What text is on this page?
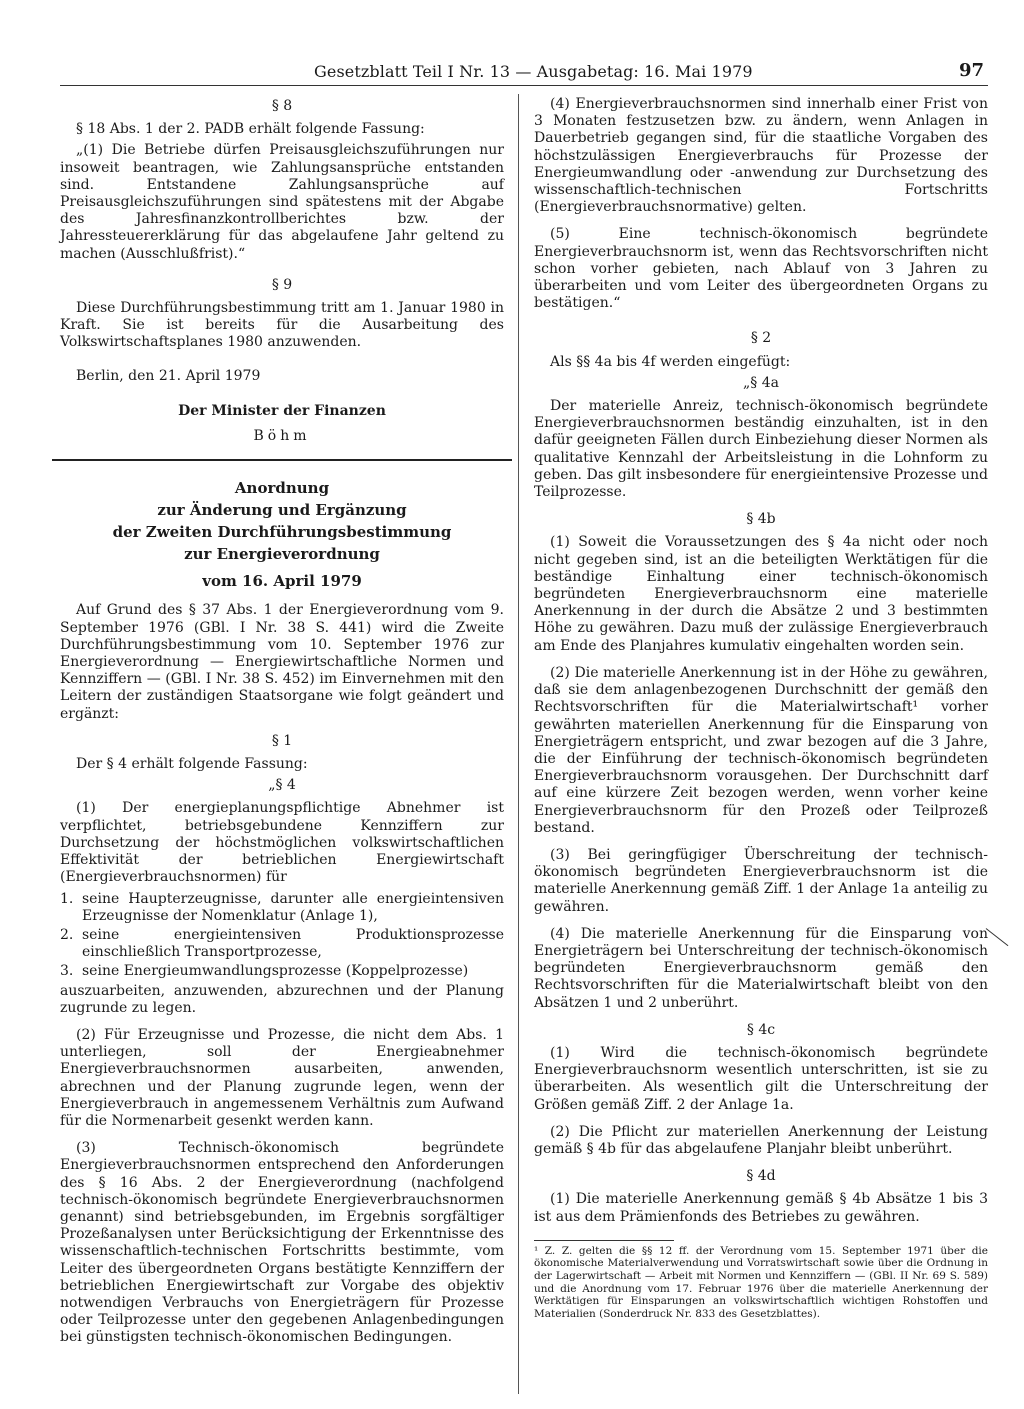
Gesetzblatt Teil I Nr. 13 — Ausgabetag: 16. Mai 1979	97
§ 8

§ 18 Abs. 1 der 2. PADB erhält folgende Fassung:

„(1) Die Betriebe dürfen Preisausgleichszuführungen nur insoweit beantragen, wie Zahlungsansprüche entstanden sind. Entstandene Zahlungsansprüche auf Preisausgleichszuführungen sind spätestens mit der Abgabe des Jahresfinanzkontrollberichtes bzw. der Jahressteuererklärung für das abgelaufene Jahr geltend zu machen (Ausschlußfrist).“

§ 9

Diese Durchführungsbestimmung tritt am 1. Januar 1980 in Kraft. Sie ist bereits für die Ausarbeitung des Volkswirtschaftsplanes 1980 anzuwenden.

Berlin, den 21. April 1979

Der Minister der Finanzen
Böhm
Anordnung
zur Änderung und Ergänzung
der Zweiten Durchführungsbestimmung
zur Energieverordnung
vom 16. April 1979

Auf Grund des § 37 Abs. 1 der Energieverordnung vom 9. September 1976 (GBl. I Nr. 38 S. 441) wird die Zweite Durchführungsbestimmung vom 10. September 1976 zur Energieverordnung — Energiewirtschaftliche Normen und Kennziffern — (GBl. I Nr. 38 S. 452) im Einvernehmen mit den Leitern der zuständigen Staatsorgane wie folgt geändert und ergänzt:

§ 1

Der § 4 erhält folgende Fassung:

„§ 4

(1) Der energieplanungspflichtige Abnehmer ist verpflichtet, betriebsgebundene Kennziffern zur Durchsetzung der höchstmöglichen volkswirtschaftlichen Effektivität der betrieblichen Energiewirtschaft (Energieverbrauchsnormen) für

1. seine Haupterzeugnisse, darunter alle energieintensiven Erzeugnisse der Nomenklatur (Anlage 1),
2. seine energieintensiven Produktionsprozesse einschließlich Transportprozesse,
3. seine Energieumwandlungsprozesse (Koppelprozesse)

auszuarbeiten, anzuwenden, abzurechnen und der Planung zugrunde zu legen.

(2) Für Erzeugnisse und Prozesse, die nicht dem Abs. 1 unterliegen, soll der Energieabnehmer Energieverbrauchsnormen ausarbeiten, anwenden, abrechnen und der Planung zugrunde legen, wenn der Energieverbrauch in angemessenem Verhältnis zum Aufwand für die Normenarbeit gesenkt werden kann.

(3) Technisch-ökonomisch begründete Energieverbrauchsnormen entsprechend den Anforderungen des § 16 Abs. 2 der Energieverordnung (nachfolgend technisch-ökonomisch begründete Energieverbrauchsnormen genannt) sind betriebsgebunden, im Ergebnis sorgfältiger Prozeßanalysen unter Berücksichtigung der Erkenntnisse des wissenschaftlich-technischen Fortschritts bestimmte, vom Leiter des übergeordneten Organs bestätigte Kennziffern der betrieblichen Energiewirtschaft zur Vorgabe des objektiv notwendigen Verbrauchs von Energieträgern für Prozesse oder Teilprozesse unter den gegebenen Anlagenbedingungen bei günstigsten technisch-ökonomischen Bedingungen.

(4) Energieverbrauchsnormen sind innerhalb einer Frist von 3 Monaten festzusetzen bzw. zu ändern, wenn Anlagen in Dauerbetrieb gegangen sind, für die staatliche Vorgaben des höchstzulässigen Energieverbrauchs für Prozesse der Energieumwandlung oder -anwendung zur Durchsetzung des wissenschaftlich-technischen Fortschritts (Energieverbrauchsnormative) gelten.

(5) Eine technisch-ökonomisch begründete Energieverbrauchsnorm ist, wenn das Rechtsvorschriften nicht schon vorher gebieten, nach Ablauf von 3 Jahren zu überarbeiten und vom Leiter des übergeordneten Organs zu bestätigen.“

§ 2

Als §§ 4a bis 4f werden eingefügt:

„§ 4a

Der materielle Anreiz, technisch-ökonomisch begründete Energieverbrauchsnormen beständig einzuhalten, ist in den dafür geeigneten Fällen durch Einbeziehung dieser Normen als qualitative Kennzahl der Arbeitsleistung in die Lohnform zu geben. Das gilt insbesondere für energieintensive Prozesse und Teilprozesse.

§ 4b

(1) Soweit die Voraussetzungen des § 4a nicht oder noch nicht gegeben sind, ist an die beteiligten Werktätigen für die beständige Einhaltung einer technisch-ökonomisch begründeten Energieverbrauchsnorm eine materielle Anerkennung in der durch die Absätze 2 und 3 bestimmten Höhe zu gewähren. Dazu muß der zulässige Energieverbrauch am Ende des Planjahres kumulativ eingehalten worden sein.

(2) Die materielle Anerkennung ist in der Höhe zu gewähren, daß sie dem anlagenbezogenen Durchschnitt der gemäß den Rechtsvorschriften für die Materialwirtschaft¹ vorher gewährten materiellen Anerkennung für die Einsparung von Energieträgern entspricht, und zwar bezogen auf die 3 Jahre, die der Einführung der technisch-ökonomisch begründeten Energieverbrauchsnorm vorausgehen. Der Durchschnitt darf auf eine kürzere Zeit bezogen werden, wenn vorher keine Energieverbrauchsnorm für den Prozeß oder Teilprozeß bestand.

(3) Bei geringfügiger Überschreitung der technisch-ökonomisch begründeten Energieverbrauchsnorm ist die materielle Anerkennung gemäß Ziff. 1 der Anlage 1a anteilig zu gewähren.

(4) Die materielle Anerkennung für die Einsparung von Energieträgern bei Unterschreitung der technisch-ökonomisch begründeten Energieverbrauchsnorm gemäß den Rechtsvorschriften für die Materialwirtschaft bleibt von den Absätzen 1 und 2 unberührt.

§ 4c

(1) Wird die technisch-ökonomisch begründete Energieverbrauchsnorm wesentlich unterschritten, ist sie zu überarbeiten. Als wesentlich gilt die Unterschreitung der Größen gemäß Ziff. 2 der Anlage 1a.

(2) Die Pflicht zur materiellen Anerkennung der Leistung gemäß § 4b für das abgelaufene Planjahr bleibt unberührt.

§ 4d

(1) Die materielle Anerkennung gemäß § 4b Absätze 1 bis 3 ist aus dem Prämienfonds des Betriebes zu gewähren.

¹ Z. Z. gelten die §§ 12 ff. der Verordnung vom 15. September 1971 über die ökonomische Materialverwendung und Vorratswirtschaft sowie über die Ordnung in der Lagerwirtschaft — Arbeit mit Normen und Kennziffern — (GBl. II Nr. 69 S. 589) und die Anordnung vom 17. Februar 1976 über die materielle Anerkennung der Werktätigen für Einsparungen an volkswirtschaftlich wichtigen Rohstoffen und Materialien (Sonderdruck Nr. 833 des Gesetzblattes).
